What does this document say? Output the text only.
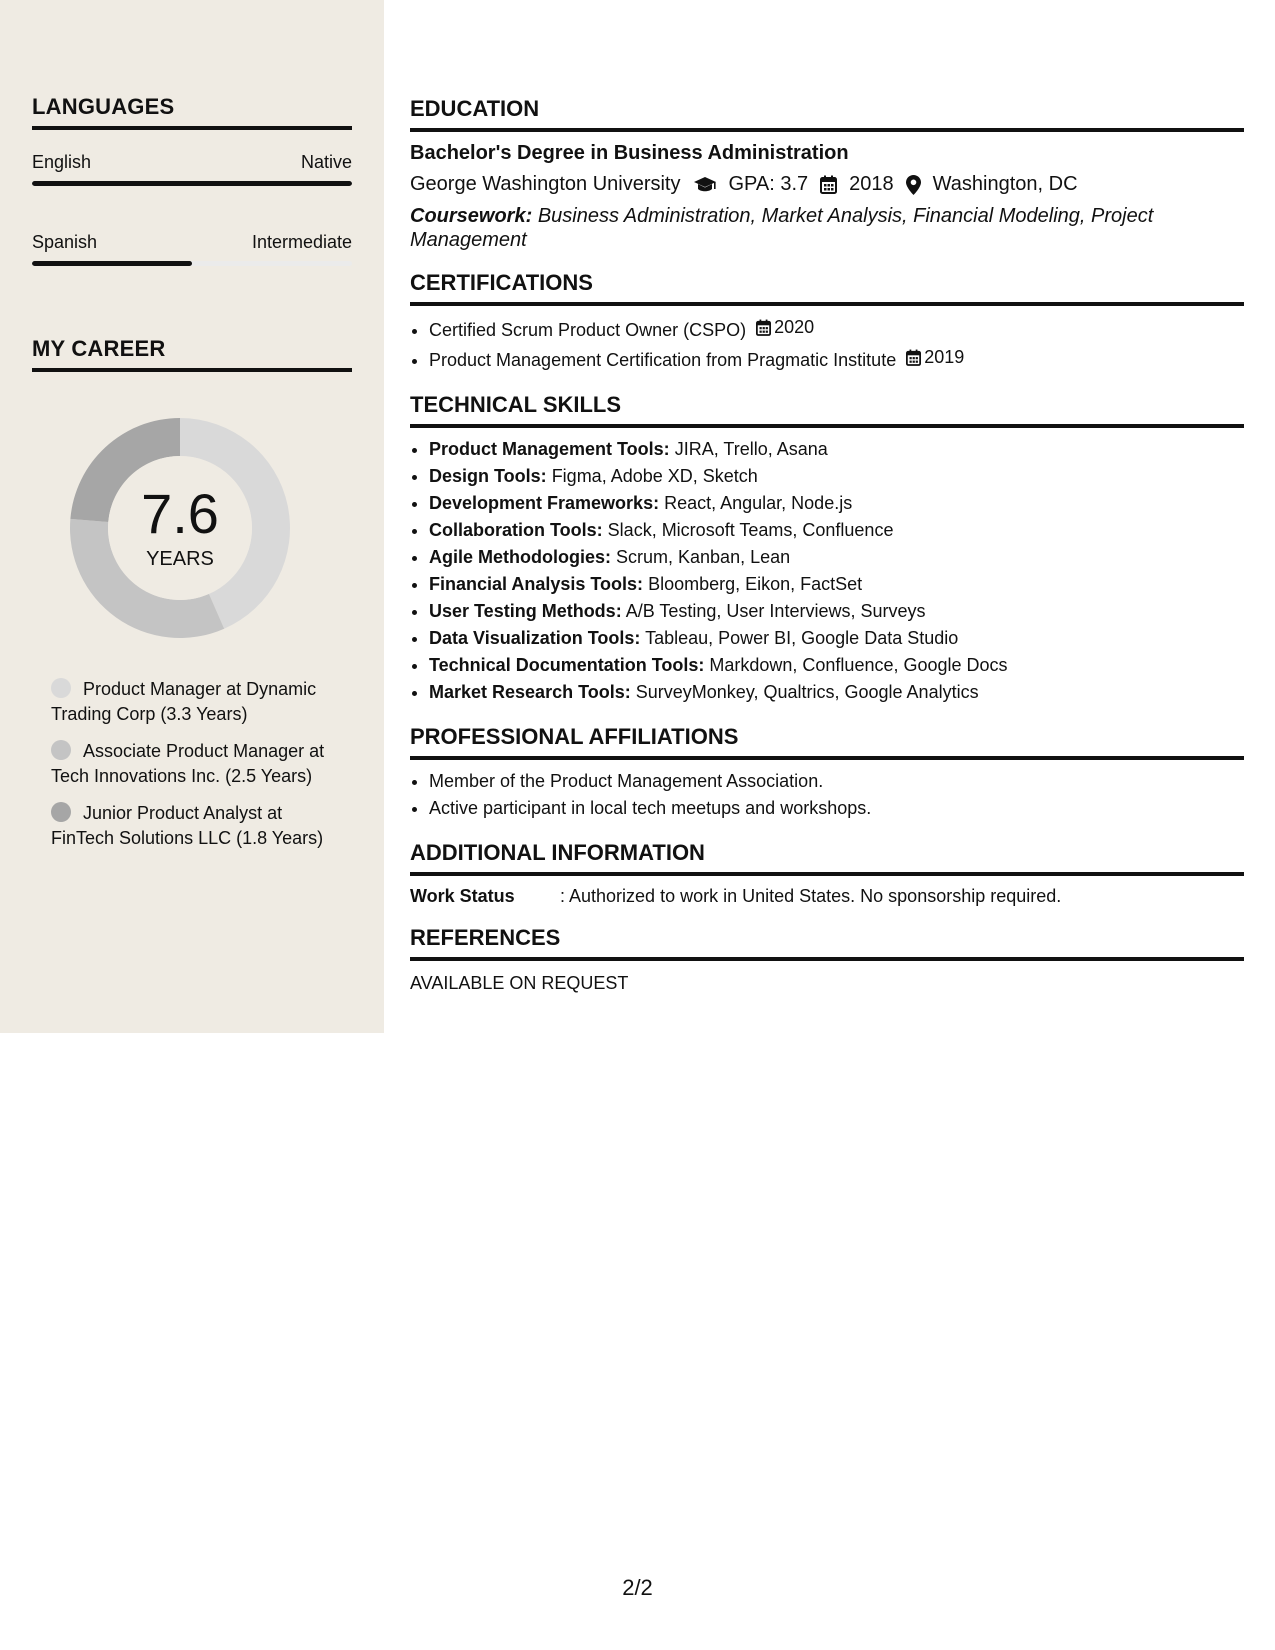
LANGUAGES
English	Native
Spanish	Intermediate
MY CAREER
7.6
YEARS
Product Manager at Dynamic Trading Corp (3.3 Years)
Associate Product Manager at Tech Innovations Inc. (2.5 Years)
Junior Product Analyst at FinTech Solutions LLC (1.8 Years)
EDUCATION
Bachelor's Degree in Business Administration
George Washington University GPA: 3.7 2018 Washington, DC
Coursework: Business Administration, Market Analysis, Financial Modeling, Project Management
CERTIFICATIONS
• Certified Scrum Product Owner (CSPO) 2020
• Product Management Certification from Pragmatic Institute 2019
TECHNICAL SKILLS
• Product Management Tools: JIRA, Trello, Asana
• Design Tools: Figma, Adobe XD, Sketch
• Development Frameworks: React, Angular, Node.js
• Collaboration Tools: Slack, Microsoft Teams, Confluence
• Agile Methodologies: Scrum, Kanban, Lean
• Financial Analysis Tools: Bloomberg, Eikon, FactSet
• User Testing Methods: A/B Testing, User Interviews, Surveys
• Data Visualization Tools: Tableau, Power BI, Google Data Studio
• Technical Documentation Tools: Markdown, Confluence, Google Docs
• Market Research Tools: SurveyMonkey, Qualtrics, Google Analytics
PROFESSIONAL AFFILIATIONS
• Member of the Product Management Association.
• Active participant in local tech meetups and workshops.
ADDITIONAL INFORMATION
Work Status	: Authorized to work in United States. No sponsorship required.
REFERENCES
AVAILABLE ON REQUEST
2/2
